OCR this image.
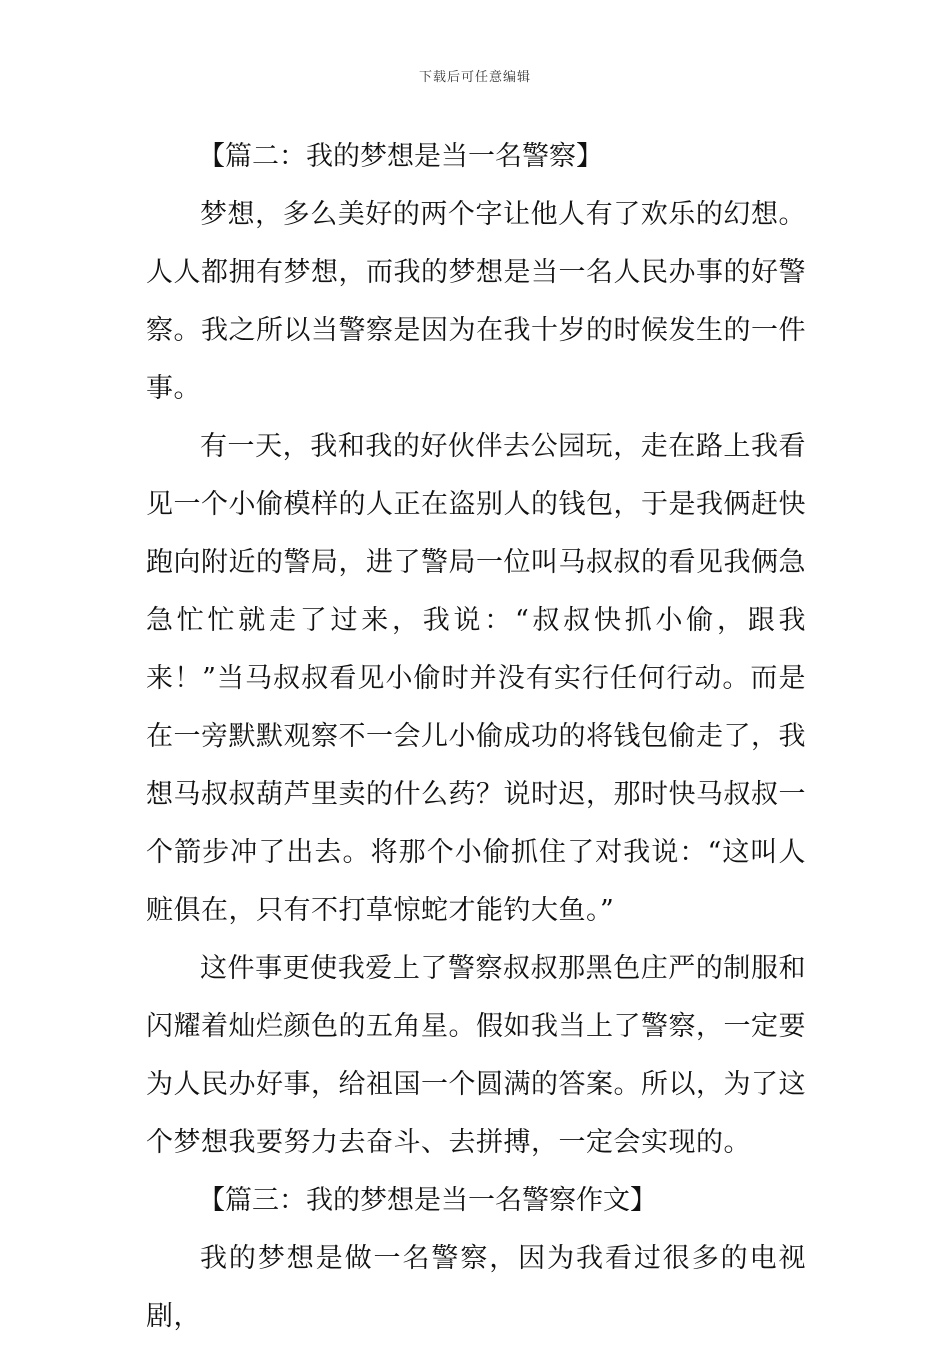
下载后可任意编辑
【篇二：我的梦想是当一名警察】

梦想，多么美好的两个字让他人有了欢乐的幻想。人人都拥有梦想，而我的梦想是当一名人民办事的好警察。我之所以当警察是因为在我十岁的时候发生的一件事。

有一天，我和我的好伙伴去公园玩，走在路上我看见一个小偷模样的人正在盗别人的钱包，于是我俩赶快跑向附近的警局，进了警局一位叫马叔叔的看见我俩急急忙忙就走了过来，我说：“叔叔快抓小偷，跟我来！”当马叔叔看见小偷时并没有实行任何行动。而是在一旁默默观察不一会儿小偷成功的将钱包偷走了，我想马叔叔葫芦里卖的什么药？说时迟，那时快马叔叔一个箭步冲了出去。将那个小偷抓住了对我说：“这叫人赃俱在，只有不打草惊蛇才能钓大鱼。”

这件事更使我爱上了警察叔叔那黑色庄严的制服和闪耀着灿烂颜色的五角星。假如我当上了警察，一定要为人民办好事，给祖国一个圆满的答案。所以，为了这个梦想我要努力去奋斗、去拼搏，一定会实现的。

【篇三：我的梦想是当一名警察作文】

我的梦想是做一名警察，因为我看过很多的电视剧，
